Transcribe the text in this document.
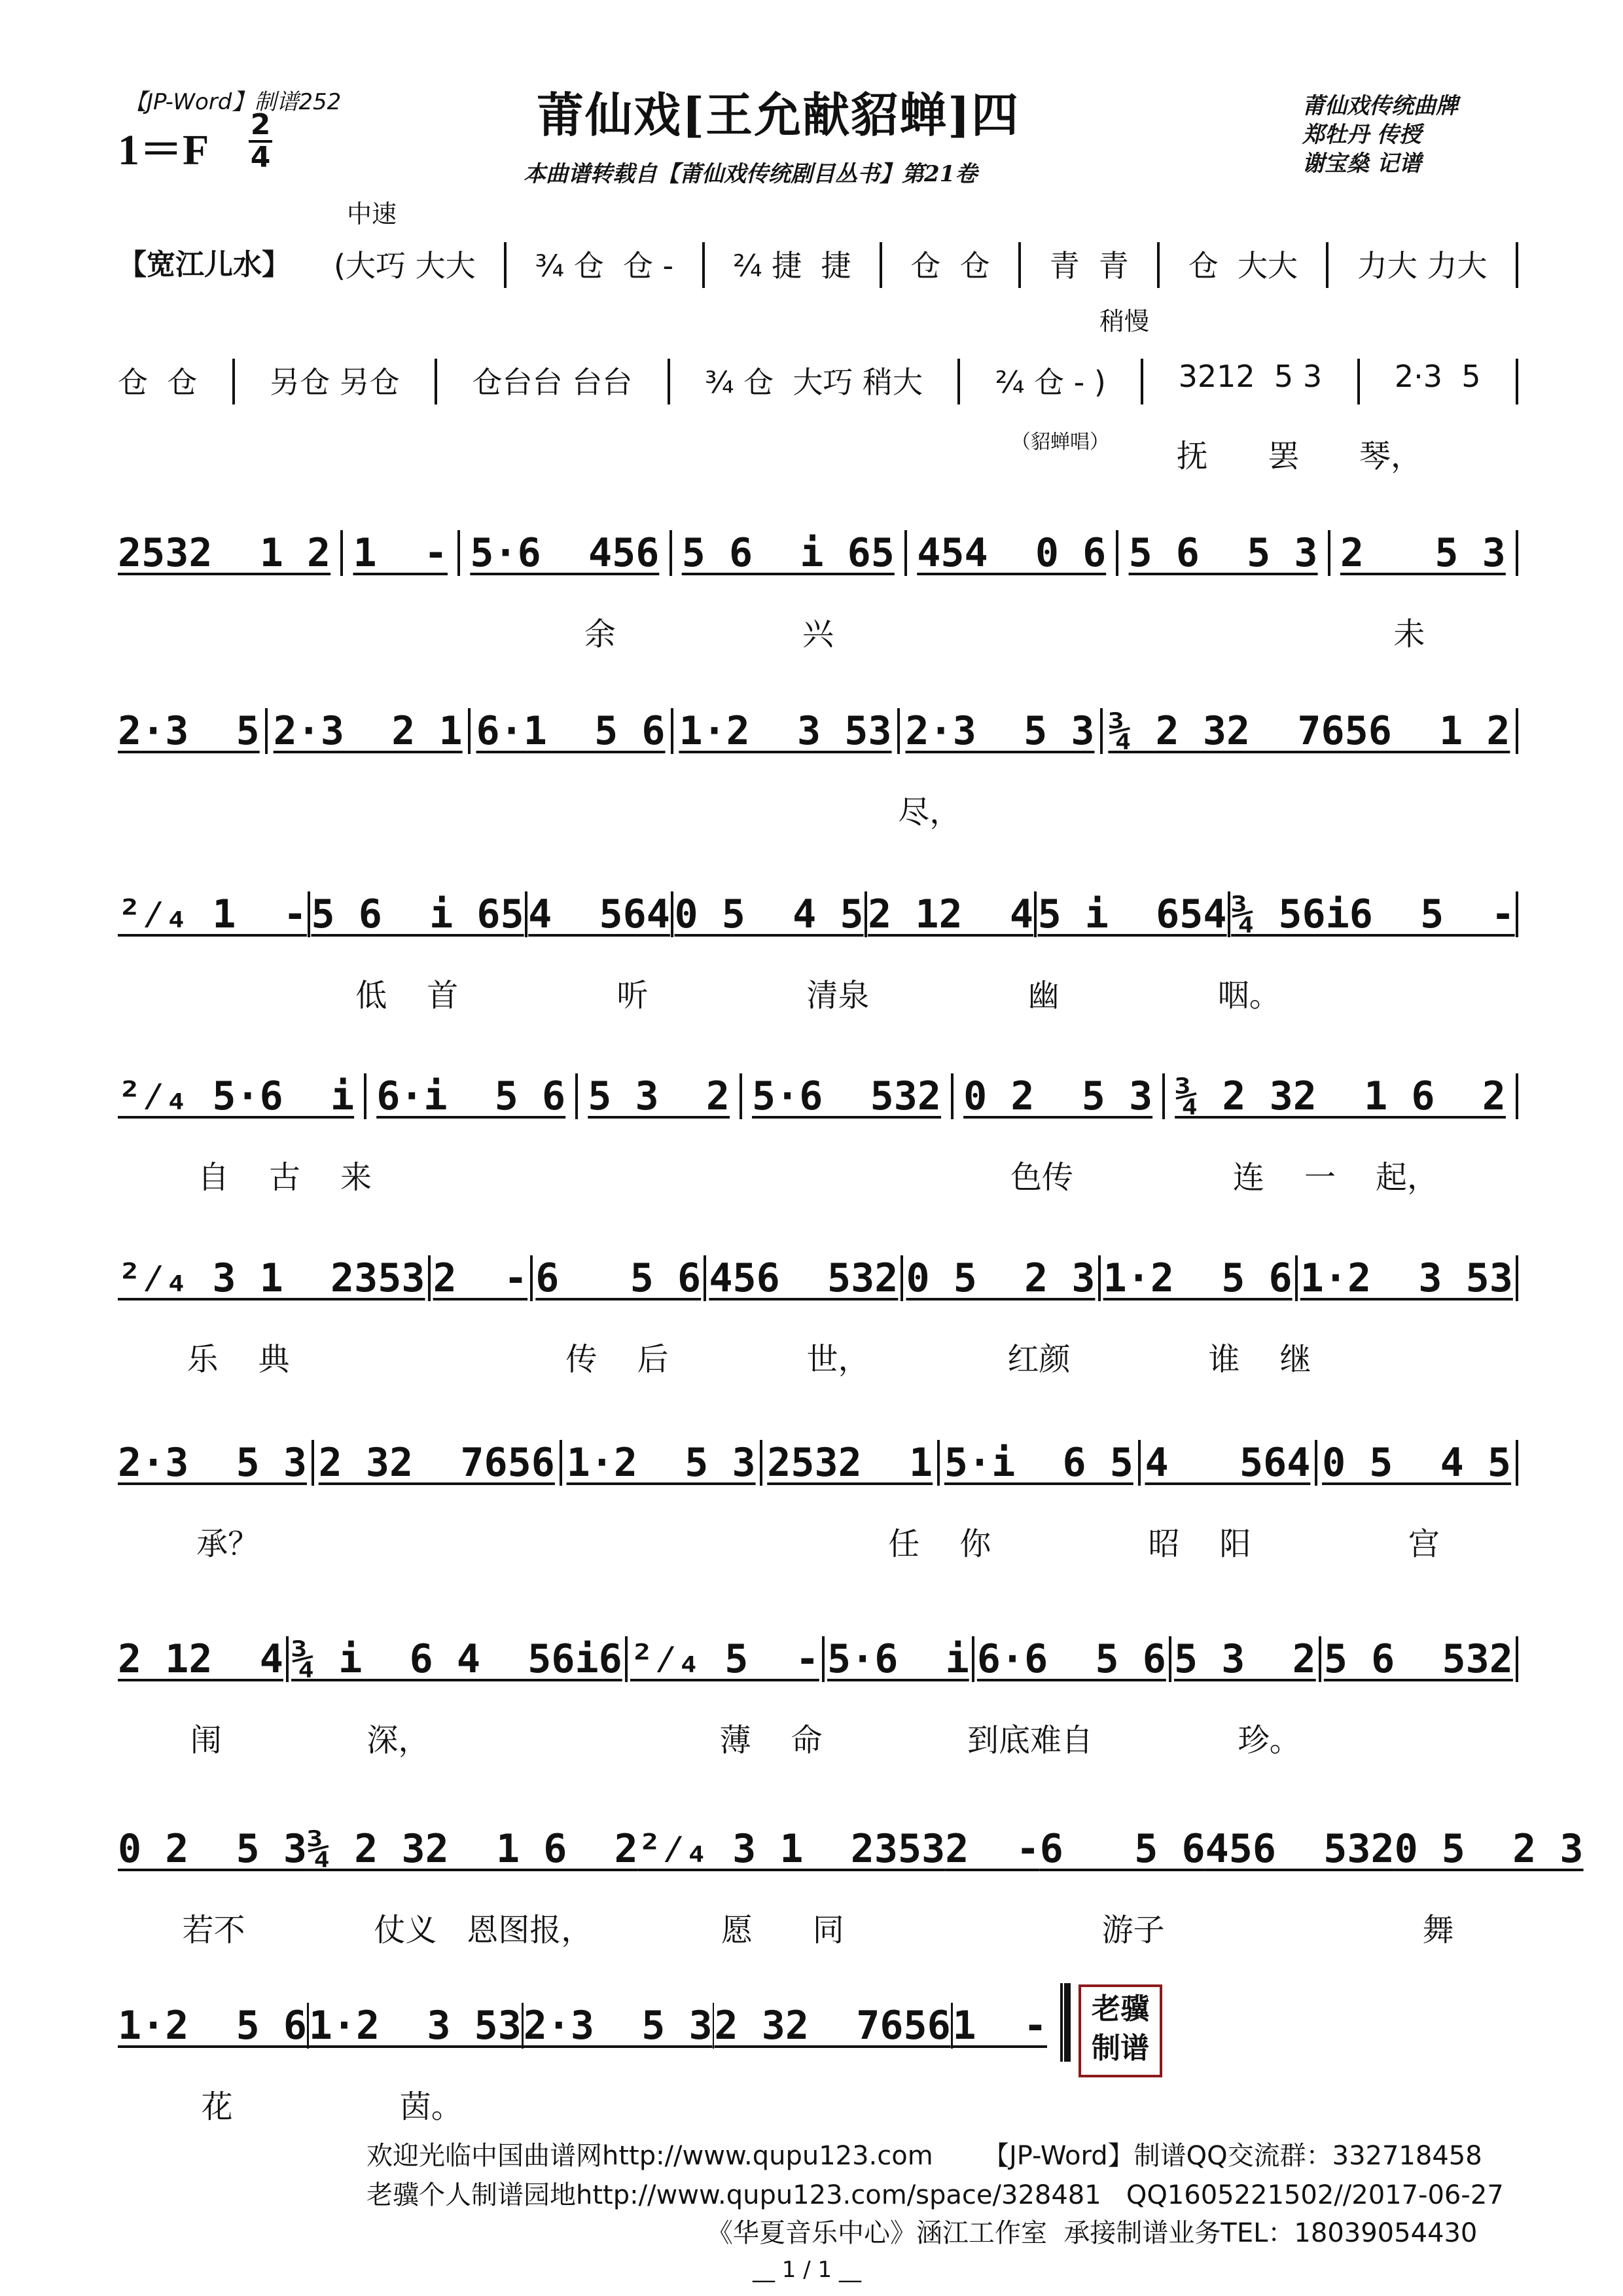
【JP-Word】制谱252
1＝F
2
4
莆仙戏[王允献貂蝉]四
本曲谱转载自【莆仙戏传统剧目丛书】第21卷
莆仙戏传统曲牌
郑牡丹 传授
谢宝燊 记谱
中速
稍慢
【宽江儿水】
（貂蝉唱）
(大巧 大大 ¾ 仓  仓 - ²⁄₄ 捷  捷 仓  仓 青  青 仓  大大 力大 力大
仓  仓 另仓 另仓 仓台台 台台 ¾ 仓  大巧 稍大 ²⁄₄ 仓 - ) 3212  5 3 2·3  5
抚      罢      琴，
2532  1 2 1  - 5·6  456 5 6  i 65 454  0 6 5 6  5 3 2   5 3
余	兴	未
2·3  5 2·3  2 1 6·1  5 6 1·2  3 53 2·3  5 3 ¾ 2 32  7656  1 2
尽，
²⁄₄ 1  - 5 6  i 65 4  564 0 5  4 5 2 12  4 5 i  654 ¾ 56i6  5  -
低    首	听	清泉	幽	咽。
²⁄₄ 5·6  i 6·i  5 6 5 3  2 5·6  532 0 2  5 3 ¾ 2 32  1 6  2
自    古    来	色传	连    一    起，
²⁄₄ 3 1  2353 2  - 6   5 6 456  532 0 5  2 3 1·2  5 6 1·2  3 53
乐    典	传    后	世，	红颜	谁    继
2·3  5 3 2 32  7656 1·2  5 3 2532  1 5·i  6 5 4   564 0 5  4 5
承？	任    你	昭    阳	宫
2 12  4 ¾ i  6 4  56i6 ²⁄₄ 5  - 5·6  i 6·6  5 6 5 3  2 5 6  532
闱	深，	薄    命	到底难自	珍。
0 2  5 3 ¾ 2 32  1 6  2 ²⁄₄ 3 1  2353 2  - 6   5 6 456  532 0 5  2 3
若不	仗义   恩图报，	愿      同	游子	舞
1·2  5 6 1·2  3 53 2·3  5 3 2 32  7656 1  -
花	茵。
老骥
制谱
欢迎光临中国曲谱网http://www.qupu123.com      【JP-Word】制谱QQ交流群：332718458
老骥个人制谱园地http://www.qupu123.com/space/328481   QQ1605221502//2017-06-27
《华夏音乐中心》涵江工作室  承接制谱业务TEL：18039054430
__ 1 / 1 __
